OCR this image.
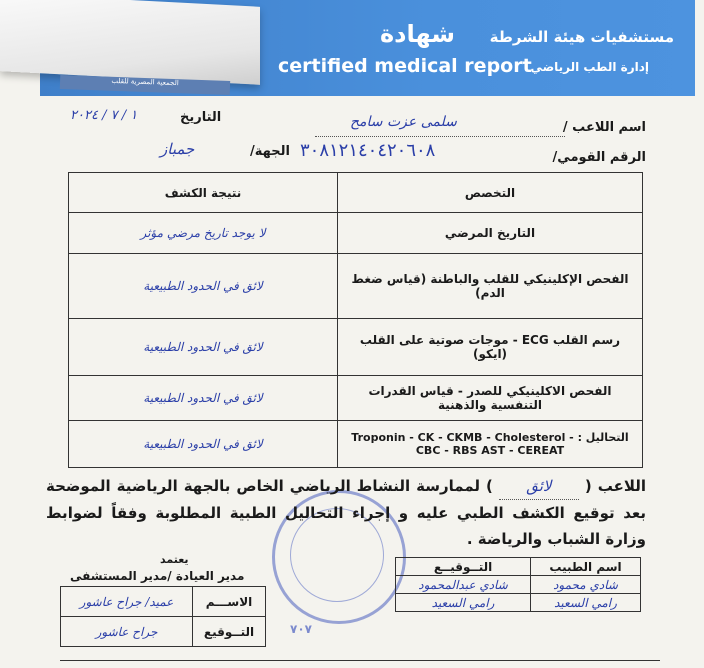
الجمعية المصرية للقلب
مستشفيات هيئة الشرطة
إدارة الطب الرياضي
شهادة
certified medical report
اسم اللاعب /
سلمى عزت سامح
التاريخ
١ / ٧ / ٢٠٢٤
الرقم القومي/
٣٠٨١٢١٤٠٤٢٠٦٠٨
الجهة/
جمباز
التخصص	نتيجة الكشف
التاريخ المرضي	لا يوجد تاريخ مرضي مؤثر
الفحص الإكلينيكي للقلب والباطنة (قياس ضغط الدم)	لائق في الحدود الطبيعية
رسم القلب ECG - موجات صوتية على القلب (ايكو)	لائق في الحدود الطبيعية
الفحص الاكلينيكي للصدر - قياس القدرات التنفسية والذهنية	لائق في الحدود الطبيعية
التحاليل : Troponin - CK - CKMB - Cholesterol - CBC - RBS AST - CEREAT	لائق في الحدود الطبيعية
٧٠٧
اللاعب ( لائق ) لممارسة النشاط الرياضي الخاص بالجهة الرياضية الموضحة بعد توقيع الكشف الطبي عليه و إجراء التحاليل الطبية المطلوبة وفقاً لضوابط وزارة الشباب والرياضة .
يعتمد
مدير العيادة /مدير المستشفى
الاســـم	عميد/ جراح عاشور
التــوقيع	جراح عاشور
اسم الطبيب	التــوقيــع
شادي محمود	شادي عبدالمحمود
رامي السعيد	رامي السعيد
